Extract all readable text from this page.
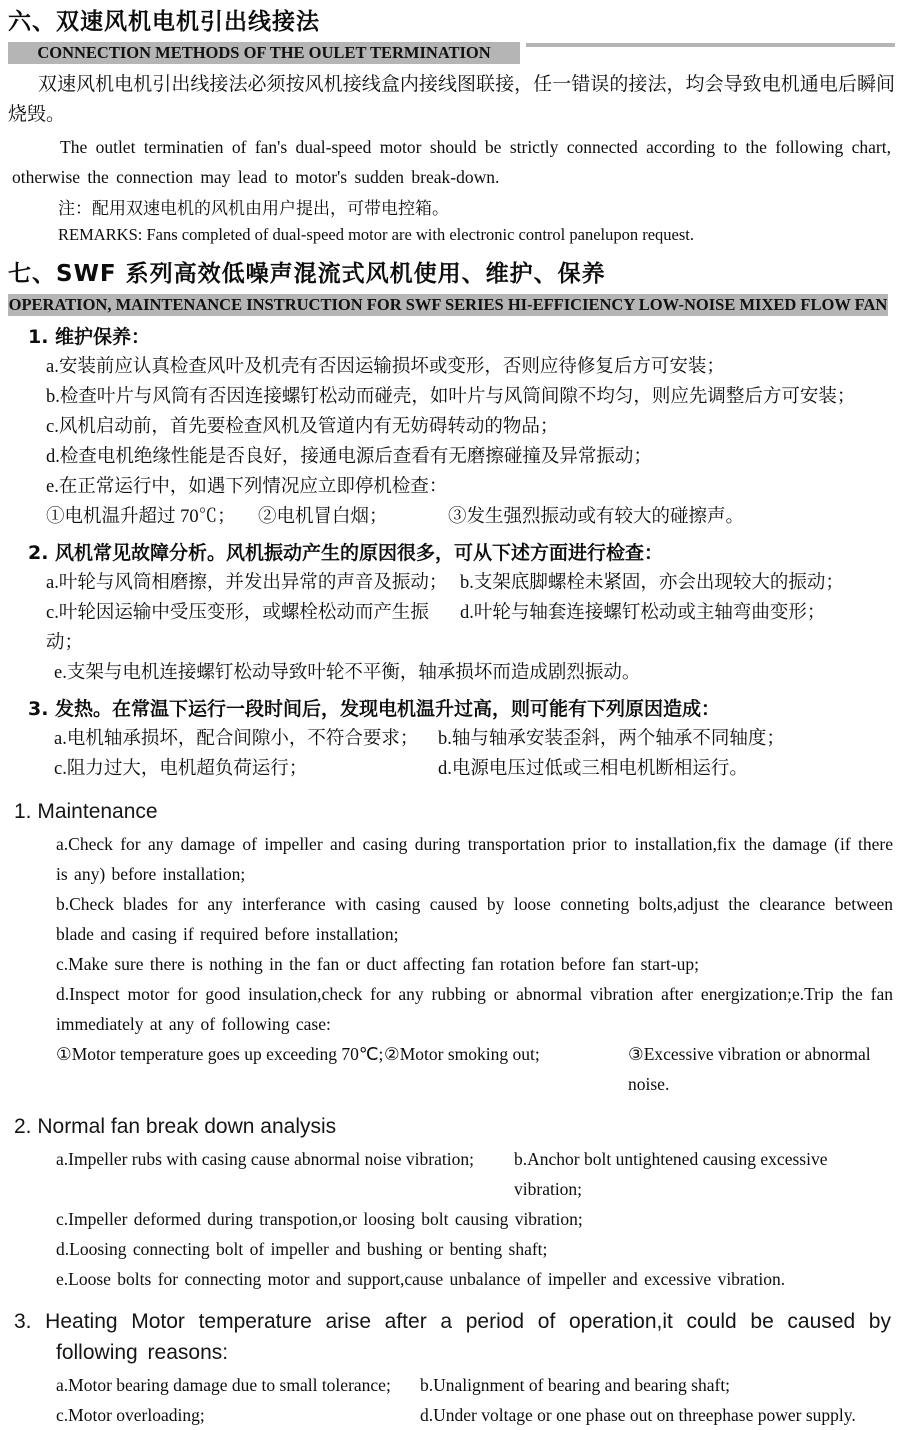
六、双速风机电机引出线接法
CONNECTION METHODS OF THE OULET TERMINATION

双速风机电机引出线接法必须按风机接线盒内接线图联接，任一错误的接法，均会导致电机通电后瞬间烧毁。

The outlet terminatien of fan's dual-speed motor should be strictly connected according to the following chart, otherwise the connection may lead to motor's sudden break-down.

注：配用双速电机的风机由用户提出，可带电控箱。
REMARKS: Fans completed of dual-speed motor are with electronic control panelupon request.
七、SWF 系列高效低噪声混流式风机使用、维护、保养
OPERATION, MAINTENANCE INSTRUCTION FOR SWF SERIES HI-EFFICIENCY LOW-NOISE MIXED FLOW FAN
1. 维护保养：
a.安装前应认真检查风叶及机壳有否因运输损坏或变形，否则应待修复后方可安装；
b.检查叶片与风筒有否因连接螺钉松动而碰壳，如叶片与风筒间隙不均匀，则应先调整后方可安装；
c.风机启动前，首先要检查风机及管道内有无妨碍转动的物品；
d.检查电机绝缘性能是否良好，接通电源后查看有无磨擦碰撞及异常振动；
e.在正常运行中，如遇下列情况应立即停机检查：
①电机温升超过 70℃；	②电机冒白烟；	③发生强烈振动或有较大的碰擦声。
2. 风机常见故障分析。风机振动产生的原因很多，可从下述方面进行检查：
a.叶轮与风筒相磨擦，并发出异常的声音及振动； b.支架底脚螺栓未紧固，亦会出现较大的振动；
c.叶轮因运输中受压变形，或螺栓松动而产生振动；
d.叶轮与轴套连接螺钉松动或主轴弯曲变形；
e.支架与电机连接螺钉松动导致叶轮不平衡，轴承损坏而造成剧烈振动。
3. 发热。在常温下运行一段时间后，发现电机温升过高，则可能有下列原因造成：
a.电机轴承损坏，配合间隙小，不符合要求；	b.轴与轴承安装歪斜，两个轴承不同轴度；
c.阻力过大，电机超负荷运行；	d.电源电压过低或三相电机断相运行。
1. Maintenance
a.Check for any damage of impeller and casing during transportation prior to installation,fix the damage (if there is any) before installation;
b.Check blades for any interferance with casing caused by loose conneting bolts,adjust the clearance between blade and casing if required before installation;
c.Make sure there is nothing in the fan or duct affecting fan rotation before fan start-up;
d.Inspect motor for good insulation,check for any rubbing or abnormal vibration after energization;e.Trip the fan immediately at any of following case:
①Motor temperature goes up exceeding 70℃; ②Motor smoking out;	③Excessive vibration or abnormal noise.
2. Normal fan break down analysis
a.Impeller rubs with casing cause abnormal noise vibration;	b.Anchor bolt untightened causing excessive vibration;
c.Impeller deformed during transpotion,or loosing bolt causing vibration;
d.Loosing connecting bolt of impeller and bushing or benting shaft;
e.Loose bolts for connecting motor and support,cause unbalance of impeller and excessive vibration.
3. Heating Motor temperature arise after a period of operation,it could be caused by following reasons:
a.Motor bearing damage due to small tolerance;	b.Unalignment of bearing and bearing shaft;
c.Motor overloading;	d.Under voltage or one phase out on threephase power supply.
